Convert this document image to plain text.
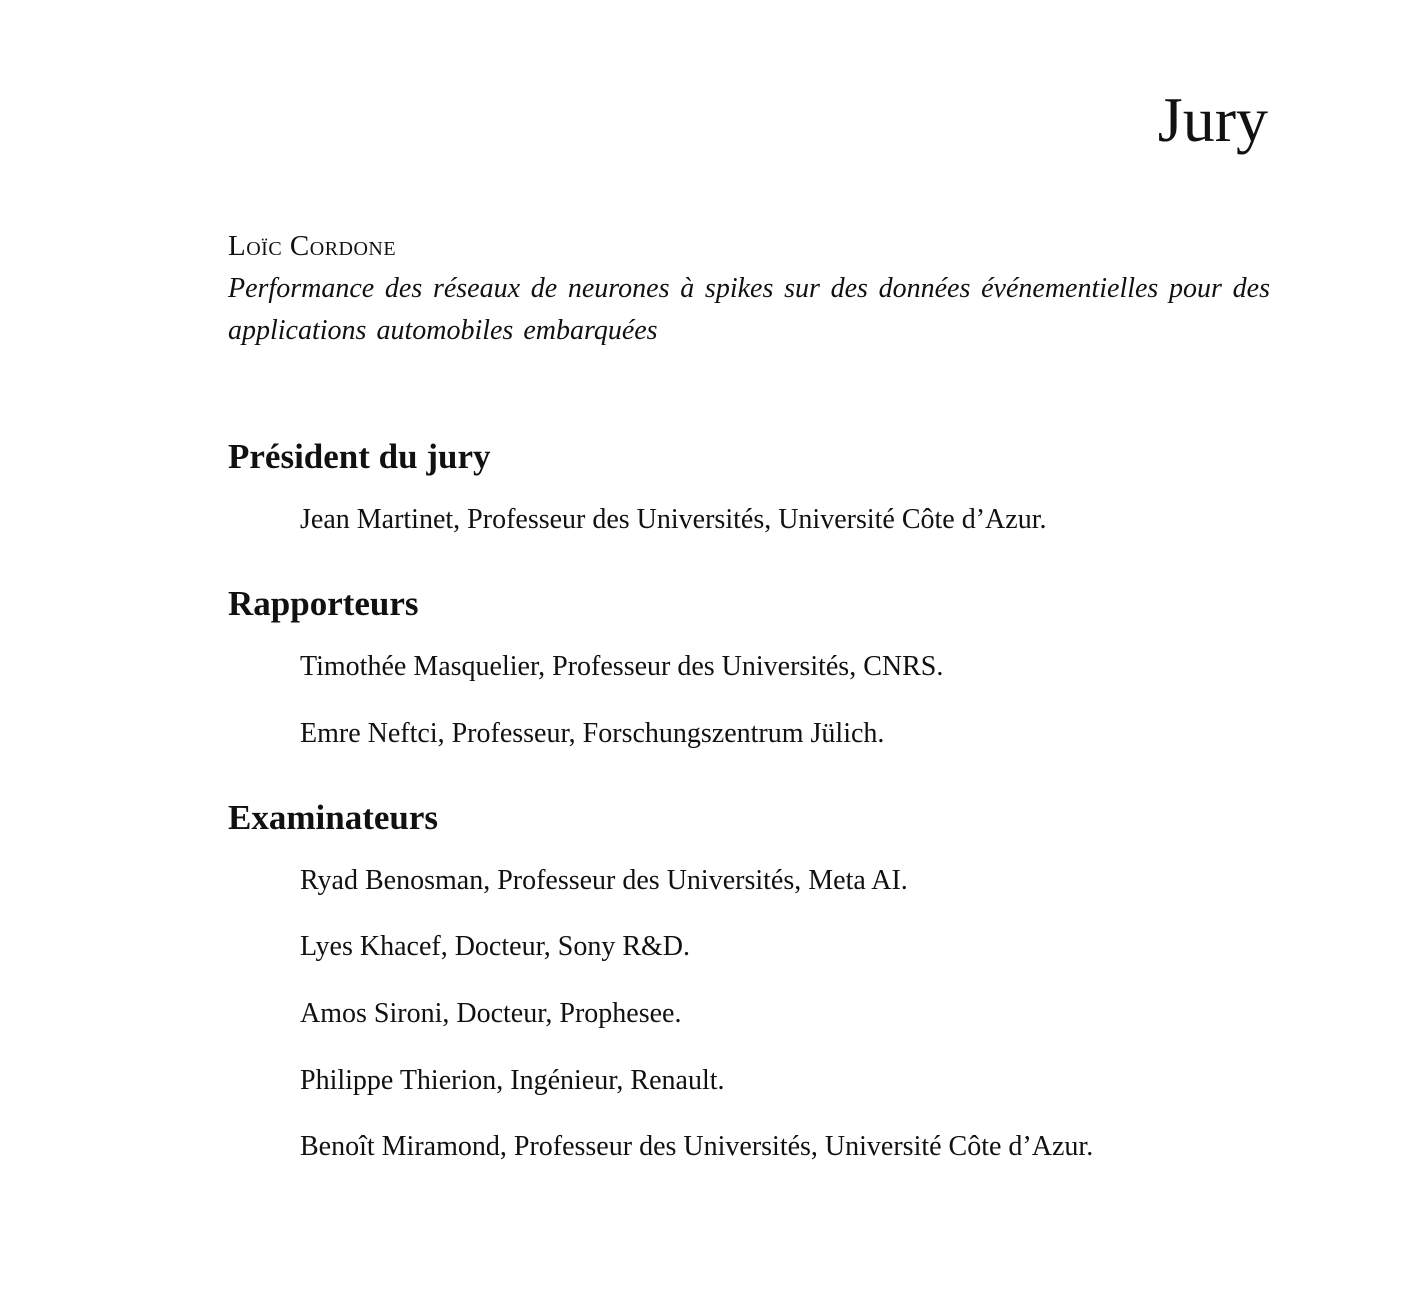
Jury
Loïc Cordone
Performance des réseaux de neurones à spikes sur des données événementielles pour des applications automobiles embarquées
Président du jury
Jean Martinet, Professeur des Universités, Université Côte d’Azur.
Rapporteurs
Timothée Masquelier, Professeur des Universités, CNRS.
Emre Neftci, Professeur, Forschungszentrum Jülich.
Examinateurs
Ryad Benosman, Professeur des Universités, Meta AI.
Lyes Khacef, Docteur, Sony R&D.
Amos Sironi, Docteur, Prophesee.
Philippe Thierion, Ingénieur, Renault.
Benoît Miramond, Professeur des Universités, Université Côte d’Azur.
